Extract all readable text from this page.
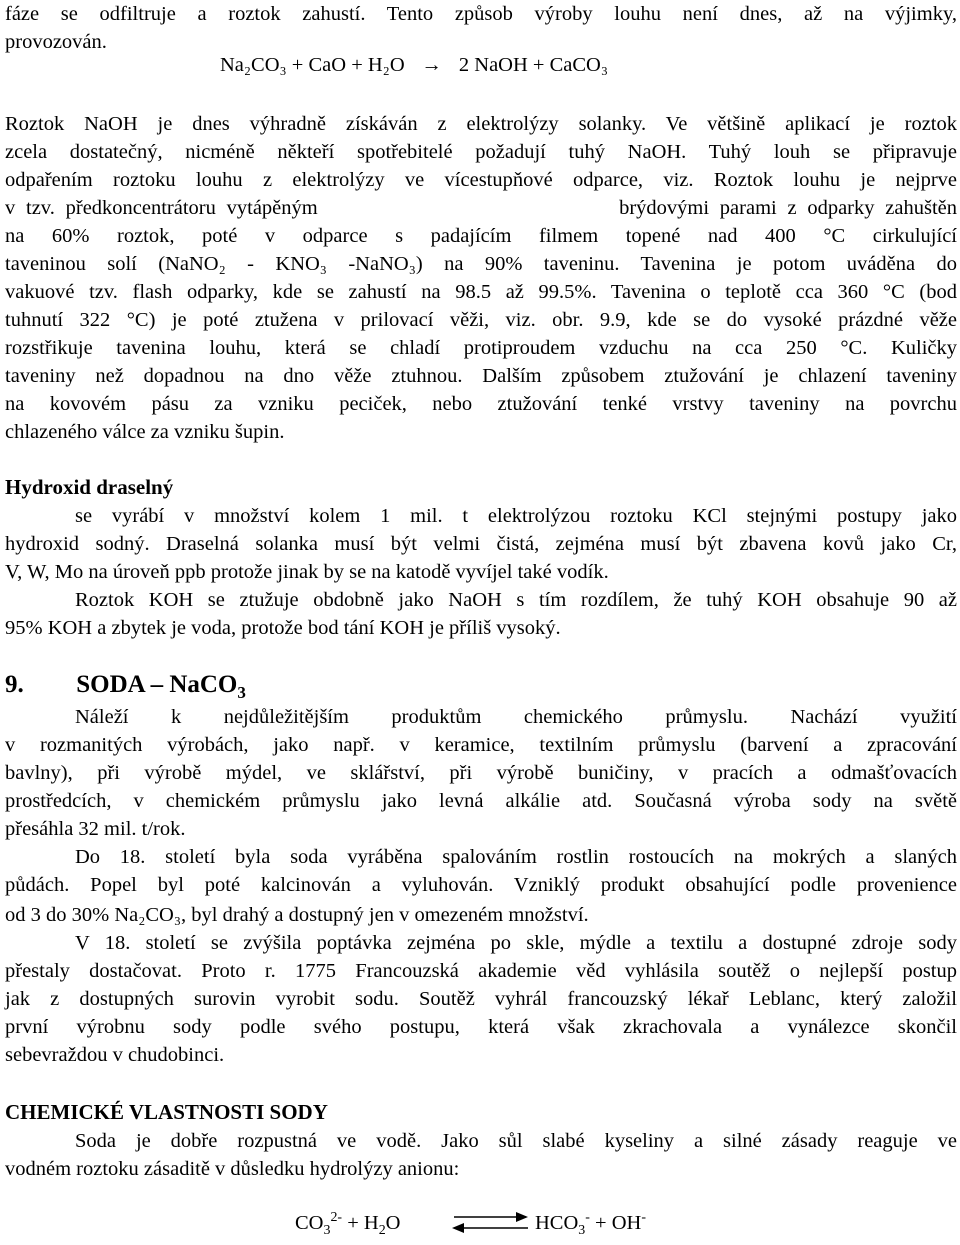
fáze se odfiltruje a roztok zahustí. Tento způsob výroby louhu není dnes, až na výjimky,
provozován.
Na₂CO₃ + CaO + H₂O → 2 NaOH + CaCO₃
Roztok NaOH je dnes výhradně získáván z elektrolýzy solanky. Ve většině aplikací je roztok
zcela dostatečný, nicméně někteří spotřebitelé požadují tuhý NaOH. Tuhý louh se připravuje
odpařením roztoku louhu z elektrolýzy ve vícestupňové odparce, viz. Roztok louhu je nejprve
v tzv. předkoncentrátoru vytápěným                            brýdovými parami z odparky zahuštěn
na 60% roztok, poté v odparce s padajícím filmem topené nad 400 °C cirkulující
taveninou solí (NaNO₂ - KNO₃ -NaNO₃) na 90% taveninu. Tavenina je potom uváděna do
vakuové tzv. flash odparky, kde se zahustí na 98.5 až 99.5%. Tavenina o teplotě cca 360 °C (bod
tuhnutí 322 °C) je poté ztužena v prilovací věži, viz. obr. 9.9, kde se do vysoké prázdné věže
rozstřikuje tavenina louhu, která se chladí protiproudem vzduchu na cca 250 °C. Kuličky
taveniny než dopadnou na dno věže ztuhnou. Dalším způsobem ztužování je chlazení taveniny
na kovovém pásu za vzniku peciček, nebo ztužování tenké vrstvy taveniny na povrchu
chlazeného válce za vzniku šupin.
Hydroxid draselný
se vyrábí v množství kolem 1 mil. t elektrolýzou roztoku KCl stejnými postupy jako
hydroxid sodný. Draselná solanka musí být velmi čistá, zejména musí být zbavena kovů jako Cr,
V, W, Mo na úroveň ppb protože jinak by se na katodě vyvíjel také vodík.
Roztok KOH se ztužuje obdobně jako NaOH s tím rozdílem, že tuhý KOH obsahuje 90 až
95% KOH a zbytek je voda, protože bod tání KOH je příliš vysoký.
9. SODA – NaCO$_3$
Náleží k nejdůležitějším produktům chemického průmyslu. Nachází využití
v rozmanitých výrobách, jako např. v keramice, textilním průmyslu (barvení a zpracování
bavlny), při výrobě mýdel, ve sklářství, při výrobě buničiny, v pracích a odmašťovacích
prostředcích, v chemickém průmyslu jako levná alkálie atd. Současná výroba sody na světě
přesáhla 32 mil. t/rok.
Do 18. století byla soda vyráběna spalováním rostlin rostoucích na mokrých a slaných
půdách. Popel byl poté kalcinován a vyluhován. Vzniklý produkt obsahující podle provenience
od 3 do 30% Na₂CO₃, byl drahý a dostupný jen v omezeném množství.
V 18. století se zvýšila poptávka zejména po skle, mýdle a textilu a dostupné zdroje sody
přestaly dostačovat. Proto r. 1775 Francouzská akademie věd vyhlásila soutěž o nejlepší postup
jak z dostupných surovin vyrobit sodu. Soutěž vyhrál francouzský lékař Leblanc, který založil
první výrobnu sody podle svého postupu, která však zkrachovala a vynálezce skončil
sebevraždou v chudobinci.
CHEMICKÉ VLASTNOSTI SODY
Soda je dobře rozpustná ve vodě. Jako sůl slabé kyseliny a silné zásady reaguje ve
vodném roztoku zásaditě v důsledku hydrolýzy anionu:
$CO_3^{2-} + H_2O$	$HCO_3^- + OH^-$
